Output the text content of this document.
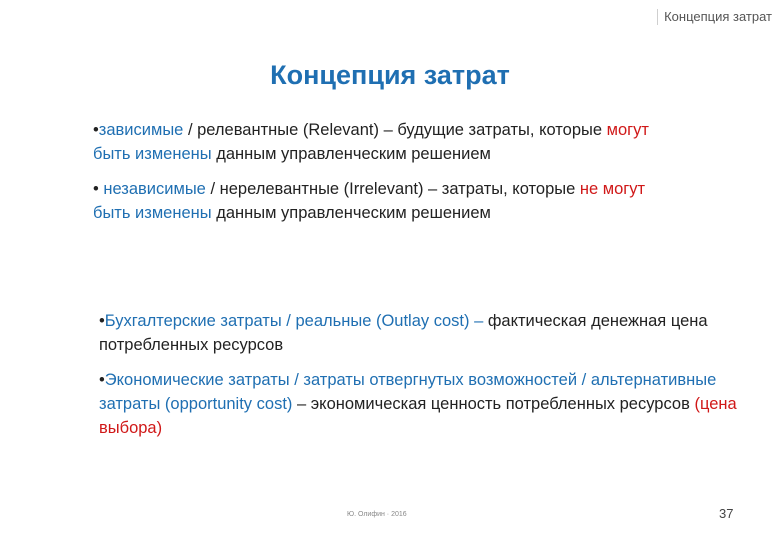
Концепция затрат
Концепция затрат

•зависимые / релевантные (Relevant) – будущие затраты, которые могут
быть изменены данным управленческим решением

• независимые / нерелевантные (Irrelevant) – затраты, которые не могут
быть изменены данным управленческим решением

•Бухгалтерские затраты / реальные (Outlay cost) – фактическая денежная цена потребленных ресурсов

•Экономические затраты / затраты отвергнутых возможностей / альтернативные затраты (opportunity cost) – экономическая ценность потребленных ресурсов (цена выбора)

Ю. Олифин · 2016	37
